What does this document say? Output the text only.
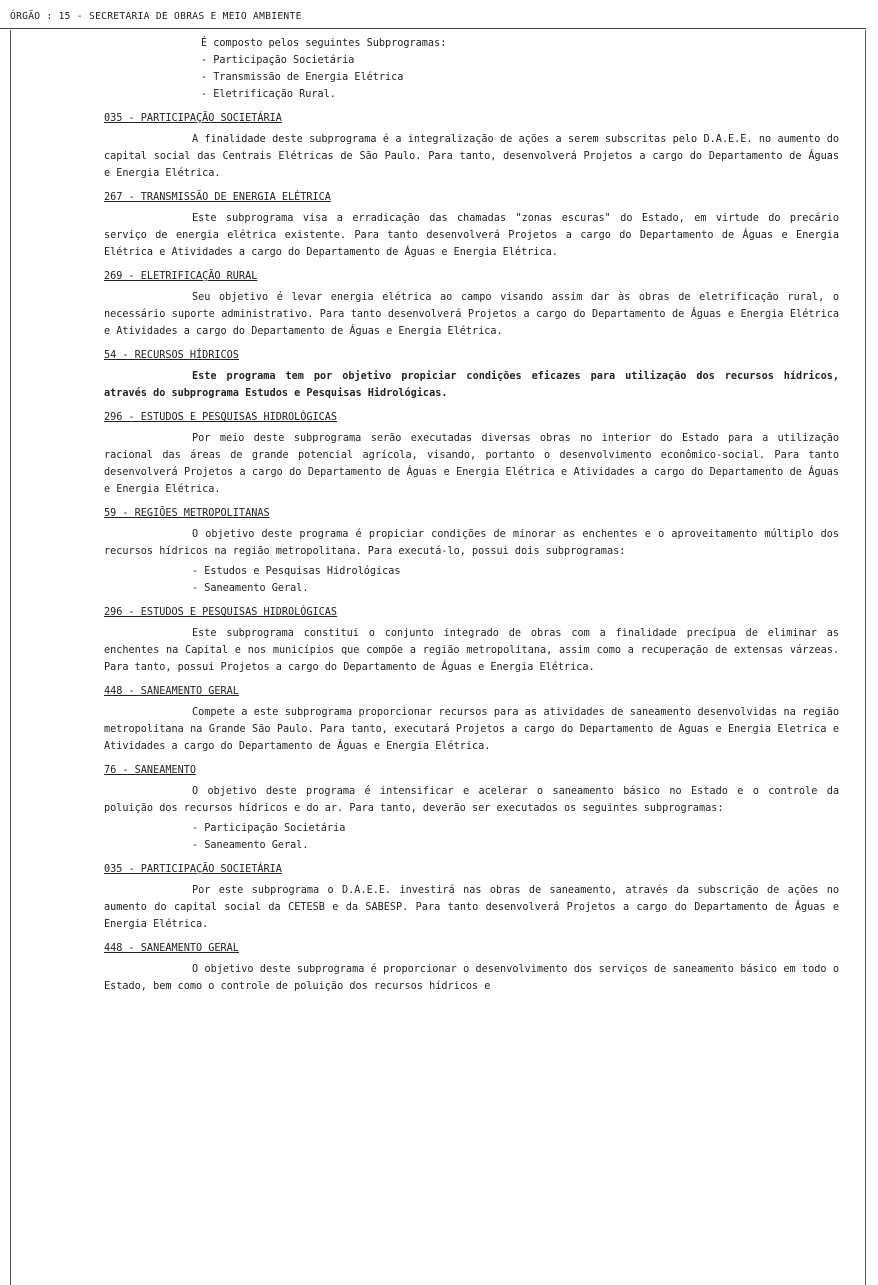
ÓRGÃO : 15 - SECRETARIA DE OBRAS E MEIO AMBIENTE
É composto pelos seguintes Subprogramas:
- Participação Societária
- Transmissão de Energia Elétrica
- Eletrificação Rural.
035 - PARTICIPAÇÃO SOCIETÁRIA

A finalidade deste subprograma é a integralização de ações a serem subscritas pelo D.A.E.E. no aumento do capital social das Centrais Elétricas de São Paulo. Para tanto, desenvolverá Projetos a cargo do Departamento de Águas e Energia Elétrica.

267 - TRANSMISSÃO DE ENERGIA ELÉTRICA

Este subprograma visa a erradicação das chamadas "zonas escuras" do Estado, em virtude do precário serviço de energia elétrica existente. Para tanto desenvolverá Projetos a cargo do Departamento de Águas e Energia Elétrica e Atividades a cargo do Departamento de Águas e Energia Elétrica.

269 - ELETRIFICAÇÃO RURAL

Seu objetivo é levar energia elétrica ao campo visando assim dar às obras de eletrificação rural, o necessário suporte administrativo. Para tanto desenvolverá Projetos a cargo do Departamento de Águas e Energia Elétrica e Atividades a cargo do Departamento de Águas e Energia Elétrica.

54 - RECURSOS HÍDRICOS

Este programa tem por objetivo propiciar condições eficazes para utilização dos recursos hídricos, através do subprograma Estudos e Pesquisas Hidrológicas.

296 - ESTUDOS E PESQUISAS HIDROLÓGICAS

Por meio deste subprograma serão executadas diversas obras no interior do Estado para a utilização racional das áreas de grande potencial agrícola, visando, portanto o desenvolvimento econômico-social. Para tanto desenvolverá Projetos a cargo do Departamento de Águas e Energia Elétrica e Atividades a cargo do Departamento de Águas e Energia Elétrica.

59 - REGIÕES METROPOLITANAS

O objetivo deste programa é propiciar condições de minorar as enchentes e o aproveitamento múltiplo dos recursos hídricos na região metropolitana. Para executá-lo, possui dois subprogramas:

- Estudos e Pesquisas Hidrológicas
- Saneamento Geral.
296 - ESTUDOS E PESQUISAS HIDROLÓGICAS

Este subprograma constitui o conjunto integrado de obras com a finalidade precípua de eliminar as enchentes na Capital e nos municípios que compõe a região metropolitana, assim como a recuperação de extensas várzeas. Para tanto, possui Projetos a cargo do Departamento de Águas e Energia Elétrica.

448 - SANEAMENTO GERAL

Compete a este subprograma proporcionar recursos para as atividades de saneamento desenvolvidas na região metropolitana na Grande São Paulo. Para tanto, executará Projetos a cargo do Departamento de Aguas e Energia Eletrica e Atividades a cargo do Departamento de Águas e Energia Elétrica.

76 - SANEAMENTO

O objetivo deste programa é intensificar e acelerar o saneamento básico no Estado e o controle da poluição dos recursos hídricos e do ar. Para tanto, deverão ser executados os seguintes subprogramas:

- Participação Societária
- Saneamento Geral.
035 - PARTICIPAÇÃO SOCIETÁRIA

Por este subprograma o D.A.E.E. investirá nas obras de saneamento, através da subscrição de ações no aumento do capital social da CETESB e da SABESP. Para tanto desenvolverá Projetos a cargo do Departamento de Águas e Energia Elétrica.

448 - SANEAMENTO GERAL

O objetivo deste subprograma é proporcionar o desenvolvimento dos serviços de saneamento básico em todo o Estado, bem como o controle de poluição dos recursos hídricos e
